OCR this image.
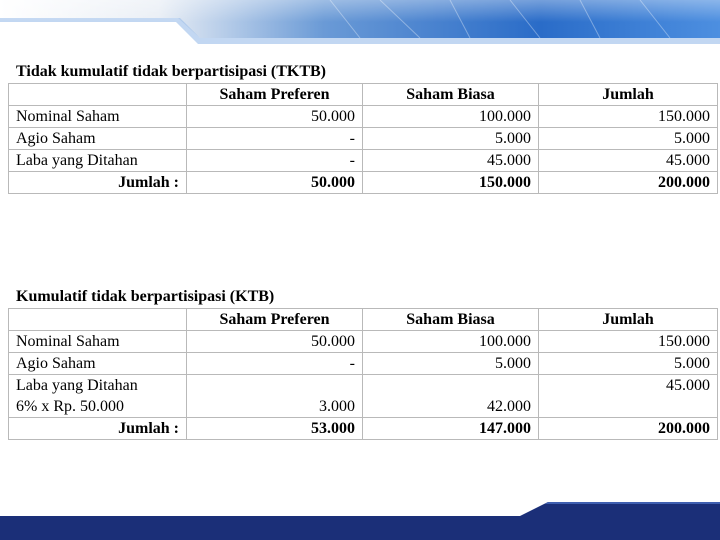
Tidak kumulatif tidak berpartisipasi (TKTB)
	Saham Preferen	Saham Biasa	Jumlah
Nominal Saham	50.000	100.000	150.000
Agio Saham	-	5.000	5.000
Laba yang Ditahan	-	45.000	45.000
Jumlah :	50.000	150.000	200.000
Kumulatif tidak berpartisipasi (KTB)
	Saham Preferen	Saham Biasa	Jumlah
Nominal Saham	50.000	100.000	150.000
Agio Saham	-	5.000	5.000

Laba yang Ditahan
6% x Rp. 50.000	3.000	42.000	45.000
Jumlah :	53.000	147.000	200.000
